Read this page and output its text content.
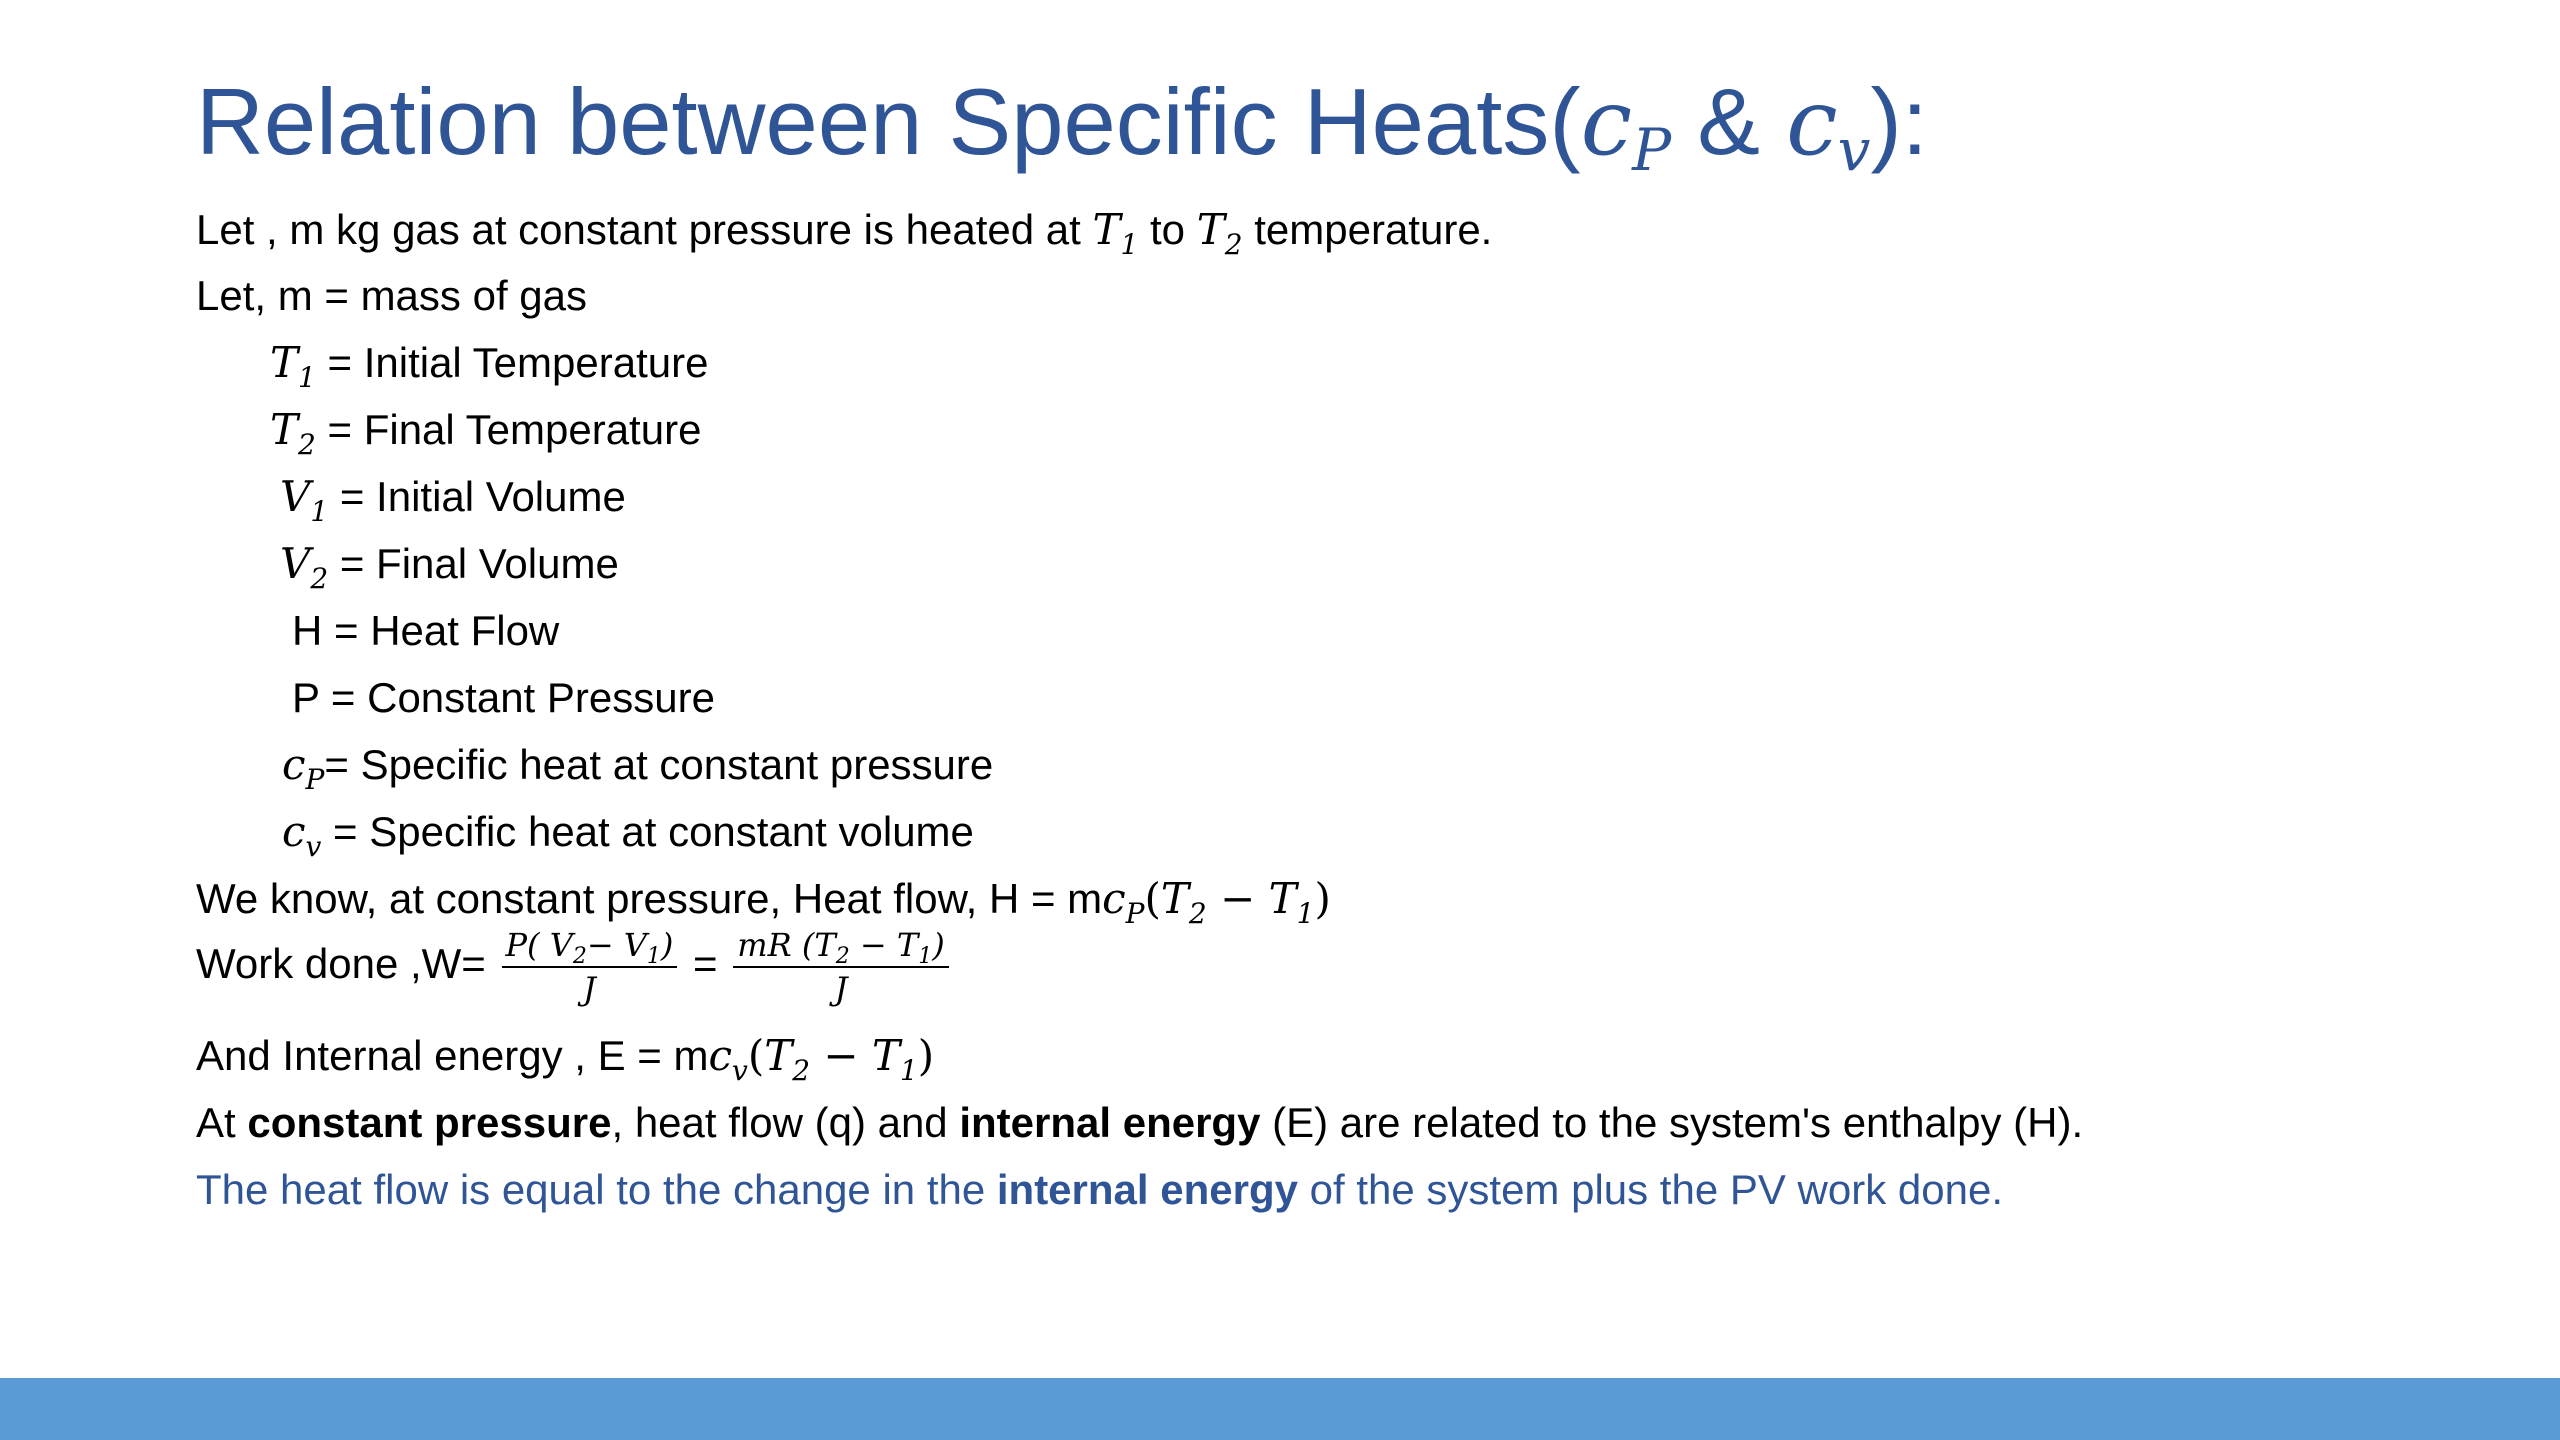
Relation between Specific $Heats(c_P$ & $c_v$):
Let , m kg gas at constant pressure is heated at $T_1$ to $T_2$ temperature.
Let, m = mass of gas
$T_1$ = Initial Temperature
$T_2$ = Final Temperature
$V_1$ = Initial Volume
$V_2$ = Final Volume
H = Heat Flow
P = Constant Pressure
$c_P=$ Specific heat at constant pressure
$c_v$ = Specific heat at constant volume
We know, at constant pressure, Heat flow, $H = mc_P(T_2 - T_1)$
Work done $,W= \frac{P( V_2- V_1)}{J} = \frac{mR (T_2 - T_1)}{J}$
And Internal energy , $E = mc_v(T_2 - T_1)$
At constant pressure, heat flow (q) and internal energy (E) are related to the system's enthalpy (H).
The heat flow is equal to the change in the internal energy of the system plus the PV work done.
